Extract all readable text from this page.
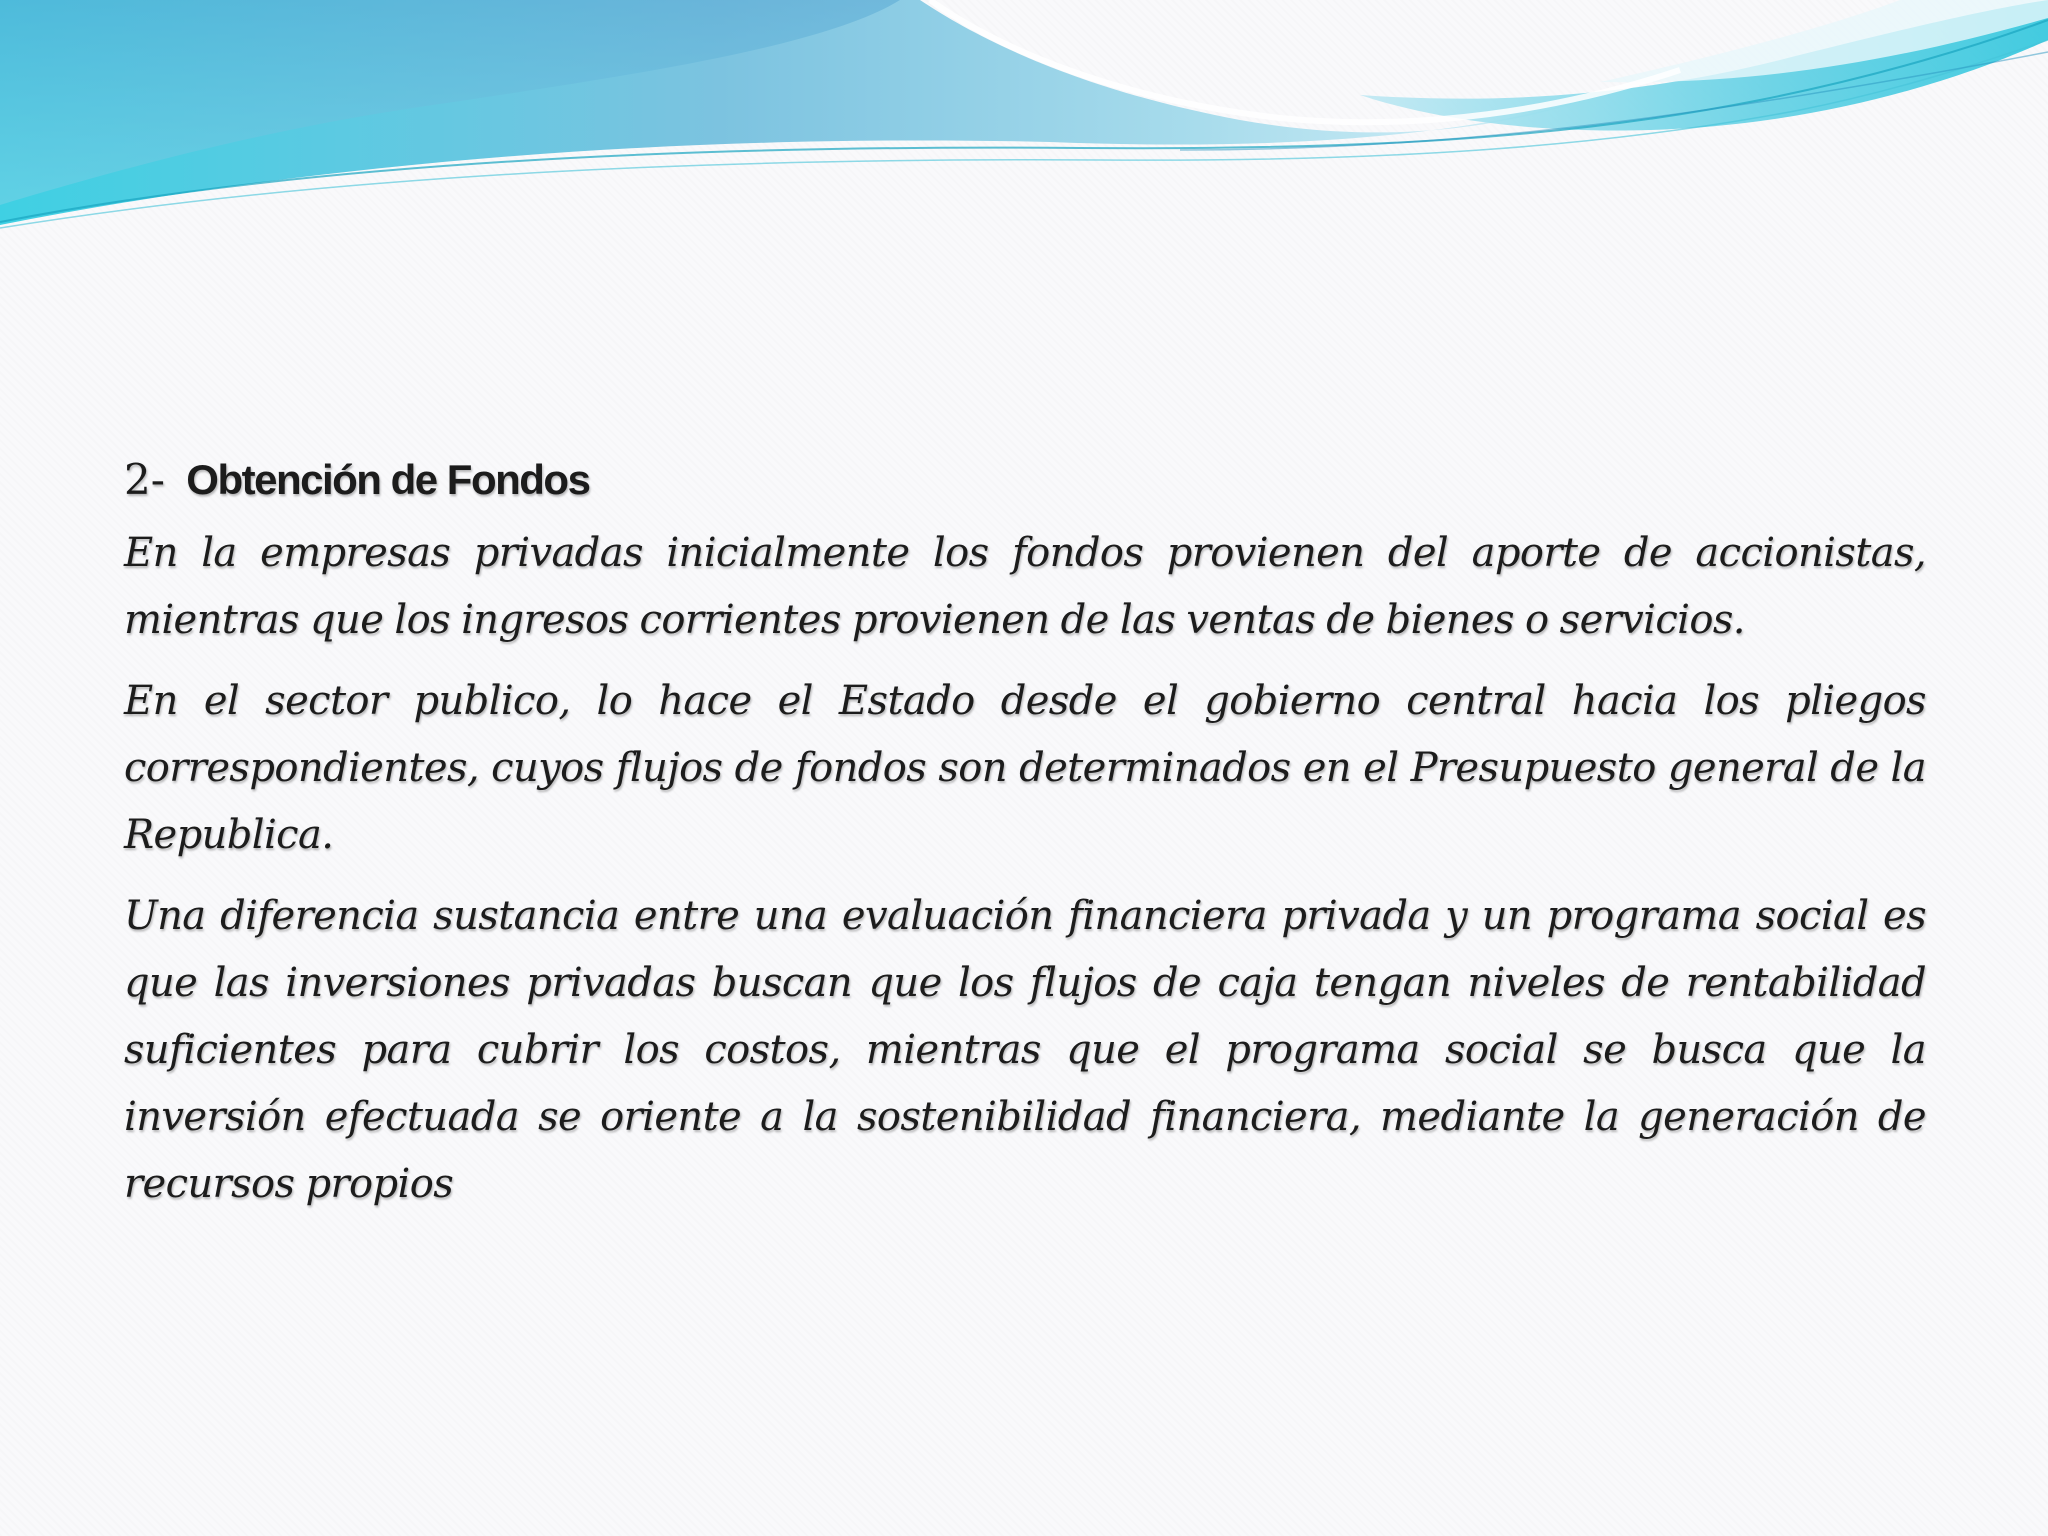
2- Obtención de Fondos

En la empresas privadas inicialmente los fondos provienen del aporte de accionistas, mientras que los ingresos corrientes provienen de las ventas de bienes o servicios.

En el sector publico, lo hace el Estado desde el gobierno central hacia los pliegos correspondientes, cuyos flujos de fondos son determinados en el Presupuesto general de la Republica.

Una diferencia sustancia entre una evaluación financiera privada y un programa social es que las inversiones privadas buscan que los flujos de caja tengan niveles de rentabilidad suficientes para cubrir los costos, mientras que el programa social se busca que la inversión efectuada se oriente a la sostenibilidad financiera, mediante la generación de recursos propios
